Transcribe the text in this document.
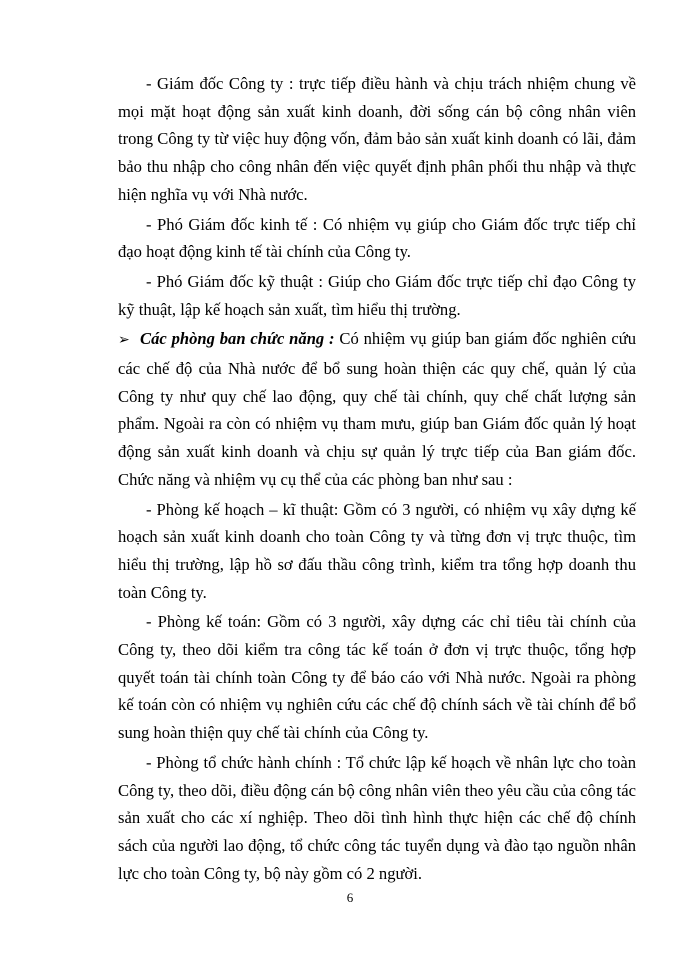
- Giám đốc Công ty : trực tiếp điều hành và chịu trách nhiệm chung về mọi mặt hoạt động sản xuất kinh doanh, đời sống cán bộ công nhân viên trong Công ty từ việc huy động vốn, đảm bảo sản xuất kinh doanh có lãi, đảm bảo thu nhập cho công nhân đến việc quyết định phân phối thu nhập và thực hiện nghĩa vụ với Nhà nước.

- Phó Giám đốc kinh tế : Có nhiệm vụ giúp cho Giám đốc trực tiếp chỉ đạo hoạt động kinh tế tài chính của Công ty.

- Phó Giám đốc kỹ thuật : Giúp cho Giám đốc trực tiếp chỉ đạo Công ty kỹ thuật, lập kế hoạch sản xuất, tìm hiểu thị trường.

➢ Các phòng ban chức năng : Có nhiệm vụ giúp ban giám đốc nghiên cứu các chế độ của Nhà nước để bổ sung hoàn thiện các quy chế, quản lý của Công ty như quy chế lao động, quy chế tài chính, quy chế chất lượng sản phẩm. Ngoài ra còn có nhiệm vụ tham mưu, giúp ban Giám đốc quản lý hoạt động sản xuất kinh doanh và chịu sự quản lý trực tiếp của Ban giám đốc. Chức năng và nhiệm vụ cụ thể của các phòng ban như sau :

- Phòng kế hoạch – kĩ thuật: Gồm có 3 người, có nhiệm vụ xây dựng kế hoạch sản xuất kinh doanh cho toàn Công ty và từng đơn vị trực thuộc, tìm hiểu thị trường, lập hồ sơ đấu thầu công trình, kiểm tra tổng hợp doanh thu toàn Công ty.

- Phòng kế toán: Gồm có 3 người, xây dựng các chỉ tiêu tài chính của Công ty, theo dõi kiểm tra công tác kế toán ở đơn vị trực thuộc, tổng hợp quyết toán tài chính toàn Công ty để báo cáo với Nhà nước. Ngoài ra phòng kế toán còn có nhiệm vụ nghiên cứu các chế độ chính sách về tài chính để bổ sung hoàn thiện quy chế tài chính của Công ty.

- Phòng tổ chức hành chính : Tổ chức lập kế hoạch về nhân lực cho toàn Công ty, theo dõi, điều động cán bộ công nhân viên theo yêu cầu của công tác sản xuất cho các xí nghiệp. Theo dõi tình hình thực hiện các chế độ chính sách của người lao động, tổ chức công tác tuyển dụng và đào tạo nguồn nhân lực cho toàn Công ty, bộ này gồm có 2 người.

6
